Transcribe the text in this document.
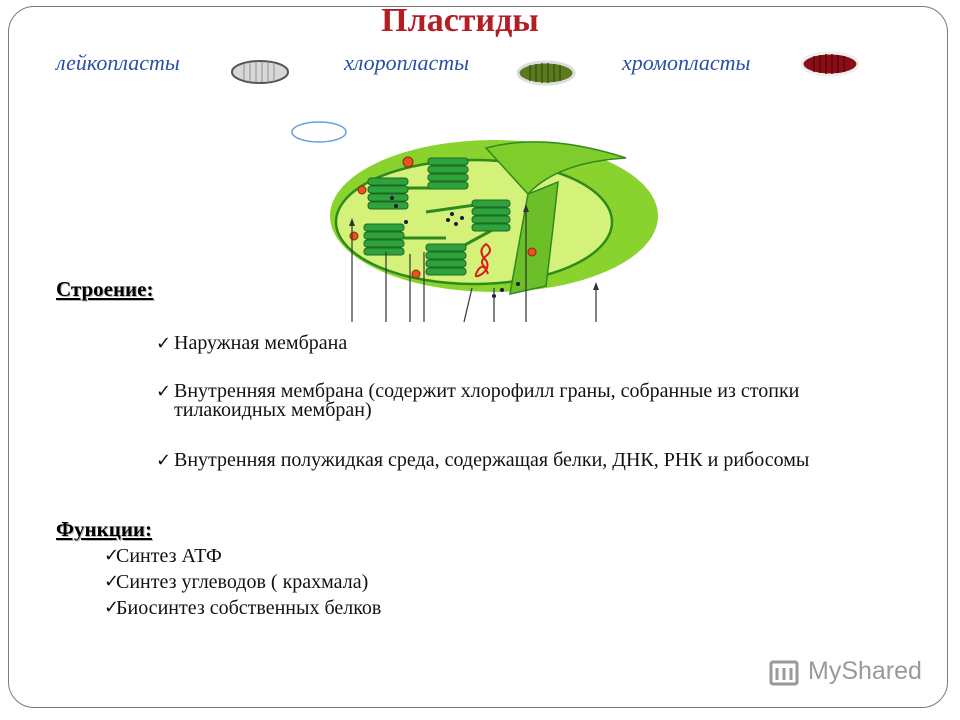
Пластиды
лейкопласты	хлоропласты	хромопласты
Строение:
✓ Наружная мембрана
✓ Внутренняя мембрана (содержит хлорофилл граны, собранные из стопки тилакоидных мембран)
✓ Внутренняя полужидкая среда, содержащая белки, ДНК, РНК и рибосомы
Функции:
✓
Синтез АТФ
✓
Синтез углеводов ( крахмала)
✓
Биосинтез собственных белков
MyShared
